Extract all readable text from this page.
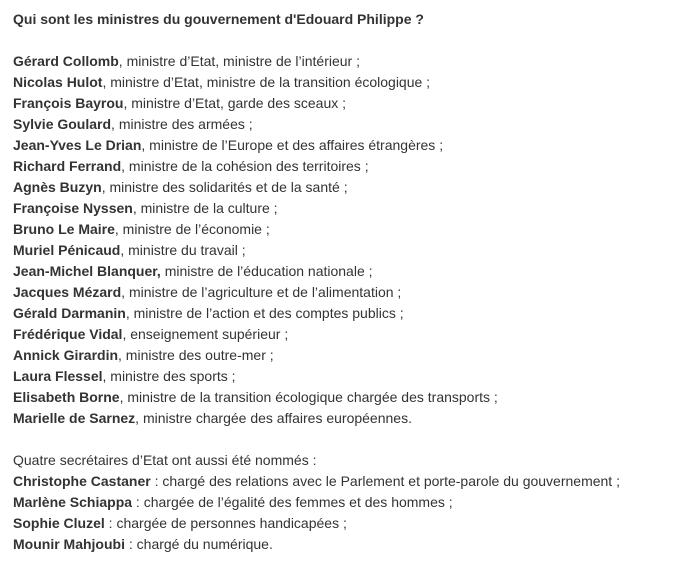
Qui sont les ministres du gouvernement d'Edouard Philippe ?
Gérard Collomb, ministre d’Etat, ministre de l’intérieur ;
Nicolas Hulot, ministre d’Etat, ministre de la transition écologique ;
François Bayrou, ministre d’Etat, garde des sceaux ;
Sylvie Goulard, ministre des armées ;
Jean-Yves Le Drian, ministre de l’Europe et des affaires étrangères ;
Richard Ferrand, ministre de la cohésion des territoires ;
Agnès Buzyn, ministre des solidarités et de la santé ;
Françoise Nyssen, ministre de la culture ;
Bruno Le Maire, ministre de l’économie ;
Muriel Pénicaud, ministre du travail ;
Jean-Michel Blanquer, ministre de l’éducation nationale ;
Jacques Mézard, ministre de l’agriculture et de l’alimentation ;
Gérald Darmanin, ministre de l’action et des comptes publics ;
Frédérique Vidal, enseignement supérieur ;
Annick Girardin, ministre des outre-mer ;
Laura Flessel, ministre des sports ;
Elisabeth Borne, ministre de la transition écologique chargée des transports ;
Marielle de Sarnez, ministre chargée des affaires européennes.
Quatre secrétaires d’Etat ont aussi été nommés :
Christophe Castaner : chargé des relations avec le Parlement et porte-parole du gouvernement ;
Marlène Schiappa : chargée de l’égalité des femmes et des hommes ;
Sophie Cluzel : chargée de personnes handicapées ;
Mounir Mahjoubi : chargé du numérique.
